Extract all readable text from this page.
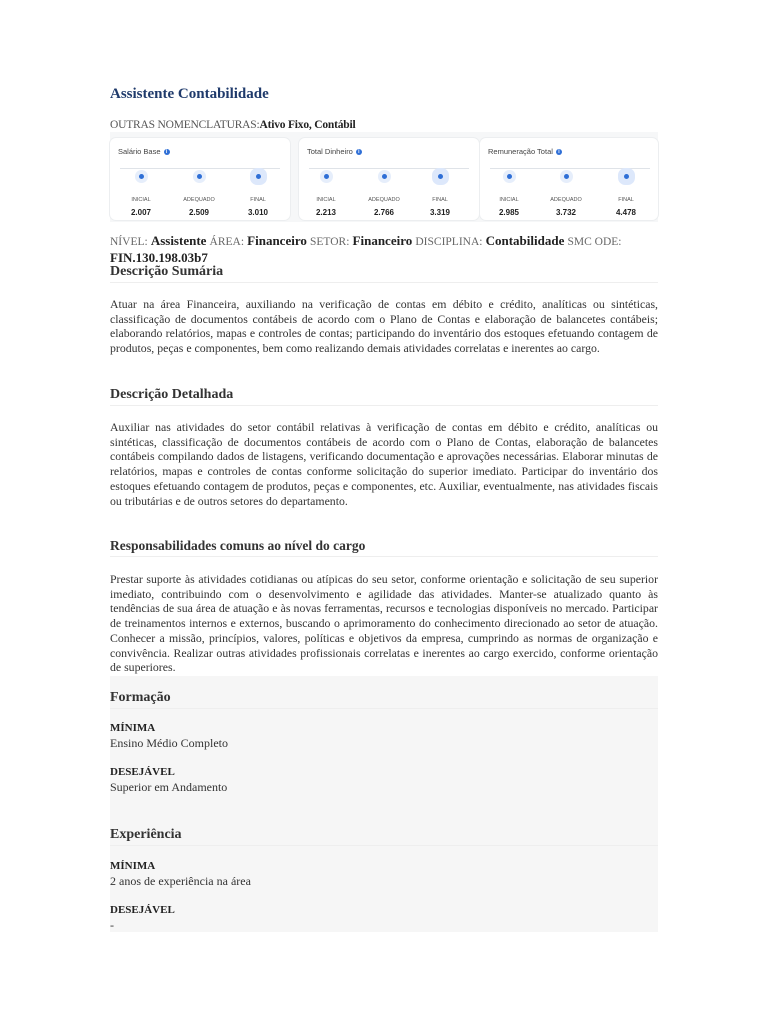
Assistente Contabilidade
OUTRAS NOMENCLATURAS:Ativo Fixo, Contábil
Salário Base i
INICIAL	ADEQUADO	FINAL
2.007	2.509	3.010
Total Dinheiro i
INICIAL	ADEQUADO	FINAL
2.213	2.766	3.319
Remuneração Total i
INICIAL	ADEQUADO	FINAL
2.985	3.732	4.478
NÍVEL: Assistente ÁREA: Financeiro SETOR: Financeiro DISCIPLINA: Contabilidade SMC ODE: FIN.130.198.03b7
Descrição Sumária

Atuar na área Financeira, auxiliando na verificação de contas em débito e crédito, analíticas ou sintéticas, classificação de documentos contábeis de acordo com o Plano de Contas e elaboração de balancetes contábeis; elaborando relatórios, mapas e controles de contas; participando do inventário dos estoques efetuando contagem de produtos, peças e componentes, bem como realizando demais atividades correlatas e inerentes ao cargo.

Descrição Detalhada

Auxiliar nas atividades do setor contábil relativas à verificação de contas em débito e crédito, analíticas ou sintéticas, classificação de documentos contábeis de acordo com o Plano de Contas, elaboração de balancetes contábeis compilando dados de listagens, verificando documentação e aprovações necessárias. Elaborar minutas de relatórios, mapas e controles de contas conforme solicitação do superior imediato. Participar do inventário dos estoques efetuando contagem de produtos, peças e componentes, etc. Auxiliar, eventualmente, nas atividades fiscais ou tributárias e de outros setores do departamento.

Responsabilidades comuns ao nível do cargo

Prestar suporte às atividades cotidianas ou atípicas do seu setor, conforme orientação e solicitação de seu superior imediato, contribuindo com o desenvolvimento e agilidade das atividades. Manter-se atualizado quanto às tendências de sua área de atuação e às novas ferramentas, recursos e tecnologias disponíveis no mercado. Participar de treinamentos internos e externos, buscando o aprimoramento do conhecimento direcionado ao setor de atuação. Conhecer a missão, princípios, valores, políticas e objetivos da empresa, cumprindo as normas de organização e convivência. Realizar outras atividades profissionais correlatas e inerentes ao cargo exercido, conforme orientação de superiores.

Formação
MÍNIMA
Ensino Médio Completo
DESEJÁVEL
Superior em Andamento
Experiência
MÍNIMA
2 anos de experiência na área
DESEJÁVEL
-
